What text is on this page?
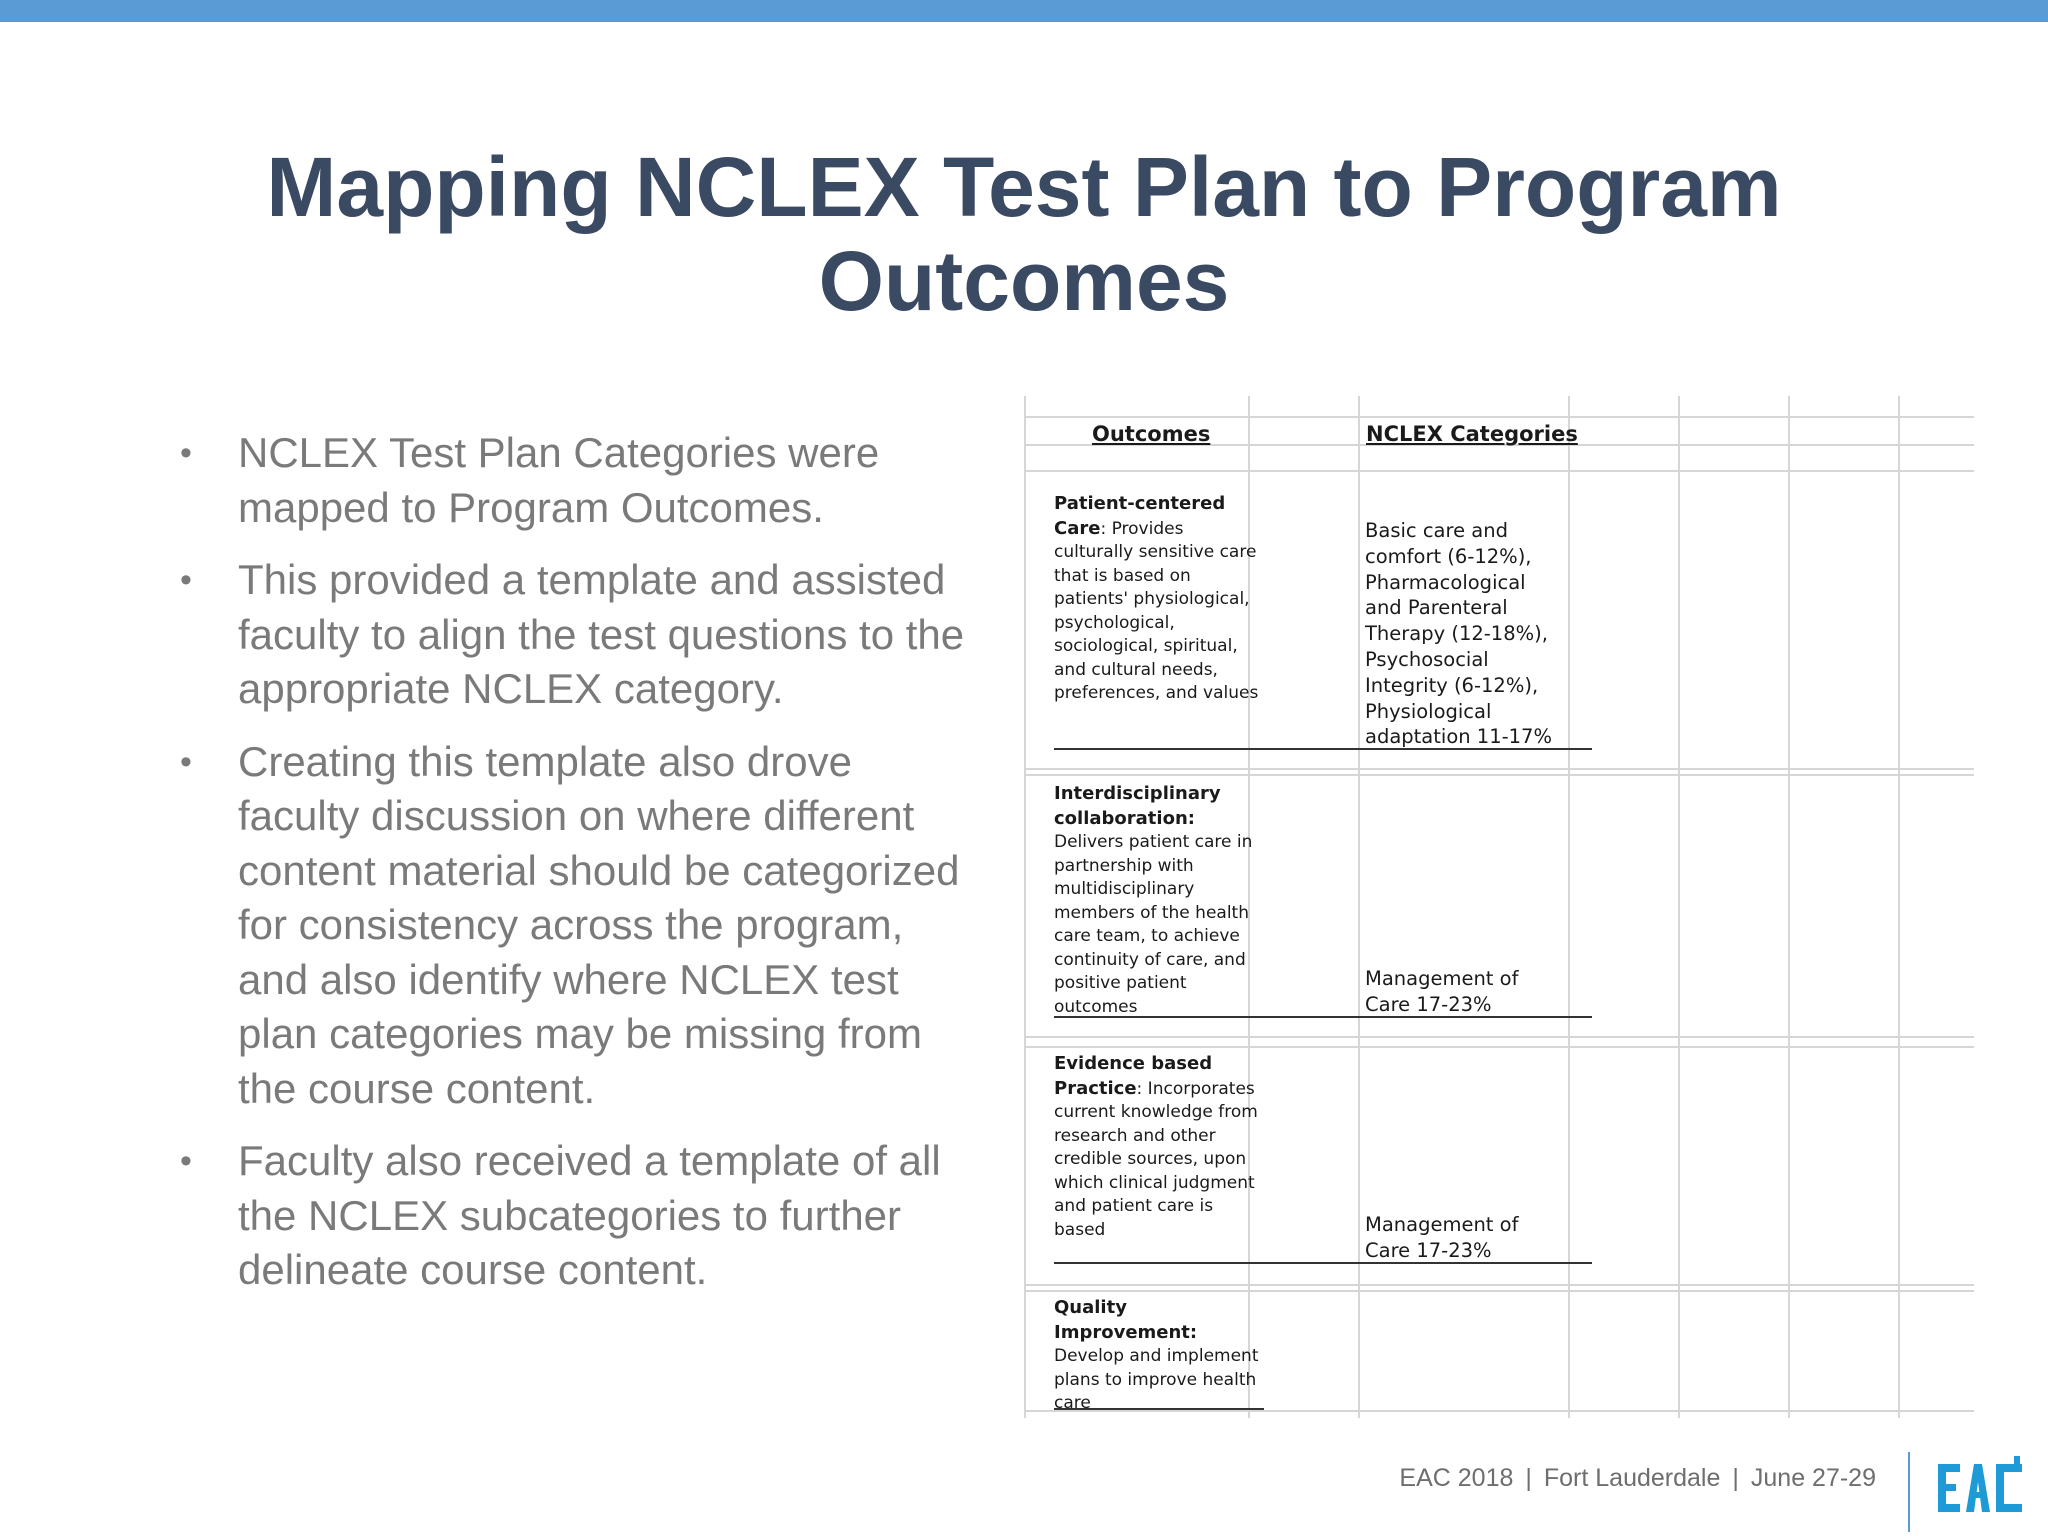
Mapping NCLEX Test Plan to Program
Outcomes
• NCLEX Test Plan Categories were mapped to Program Outcomes.
• This provided a template and assisted faculty to align the test questions to the appropriate NCLEX category.
• Creating this template also drove faculty discussion on where different content material should be categorized for consistency across the program, and also identify where NCLEX test plan categories may be missing from the course content.
• Faculty also received a template of all the NCLEX subcategories to further delineate course content.
Outcomes	NCLEX Categories
Patient-centered Care: Provides culturally sensitive care that is based on patients' physiological, psychological, sociological, spiritual, and cultural needs, preferences, and values
Basic care and comfort (6-12%), Pharmacological and Parenteral Therapy (12-18%), Psychosocial Integrity (6-12%), Physiological adaptation 11-17%
Interdisciplinary collaboration:
Delivers patient care in partnership with multidisciplinary members of the health care team, to achieve continuity of care, and positive patient outcomes
Management of Care 17-23%
Evidence based Practice: Incorporates current knowledge from research and other credible sources, upon which clinical judgment and patient care is based	Management of Care 17-23%
Quality Improvement:
Develop and implement plans to improve health care
EAC 2018 | Fort Lauderdale | June 27-29
